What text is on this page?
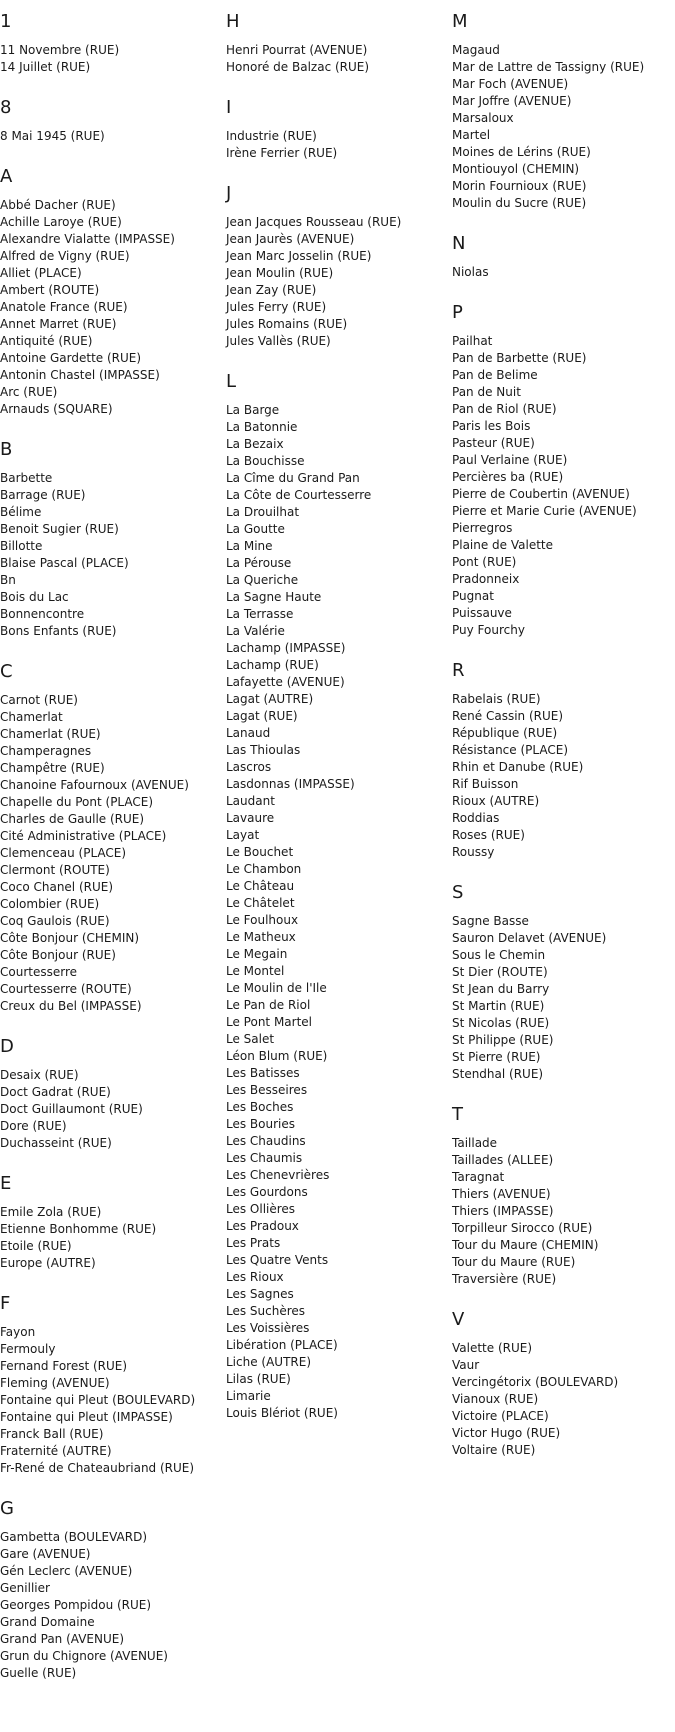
1
11 Novembre (RUE)
14 Juillet (RUE)
8
8 Mai 1945 (RUE)
A
Abbé Dacher (RUE)
Achille Laroye (RUE)
Alexandre Vialatte (IMPASSE)
Alfred de Vigny (RUE)
Alliet (PLACE)
Ambert (ROUTE)
Anatole France (RUE)
Annet Marret (RUE)
Antiquité (RUE)
Antoine Gardette (RUE)
Antonin Chastel (IMPASSE)
Arc (RUE)
Arnauds (SQUARE)
B
Barbette
Barrage (RUE)
Bélime
Benoit Sugier (RUE)
Billotte
Blaise Pascal (PLACE)
Bn
Bois du Lac
Bonnencontre
Bons Enfants (RUE)
C
Carnot (RUE)
Chamerlat
Chamerlat (RUE)
Champeragnes
Champêtre (RUE)
Chanoine Fafournoux (AVENUE)
Chapelle du Pont (PLACE)
Charles de Gaulle (RUE)
Cité Administrative (PLACE)
Clemenceau (PLACE)
Clermont (ROUTE)
Coco Chanel (RUE)
Colombier (RUE)
Coq Gaulois (RUE)
Côte Bonjour (CHEMIN)
Côte Bonjour (RUE)
Courtesserre
Courtesserre (ROUTE)
Creux du Bel (IMPASSE)
D
Desaix (RUE)
Doct Gadrat (RUE)
Doct Guillaumont (RUE)
Dore (RUE)
Duchasseint (RUE)
E
Emile Zola (RUE)
Etienne Bonhomme (RUE)
Etoile (RUE)
Europe (AUTRE)
F
Fayon
Fermouly
Fernand Forest (RUE)
Fleming (AVENUE)
Fontaine qui Pleut (BOULEVARD)
Fontaine qui Pleut (IMPASSE)
Franck Ball (RUE)
Fraternité (AUTRE)
Fr-René de Chateaubriand (RUE)
G
Gambetta (BOULEVARD)
Gare (AVENUE)
Gén Leclerc (AVENUE)
Genillier
Georges Pompidou (RUE)
Grand Domaine
Grand Pan (AVENUE)
Grun du Chignore (AVENUE)
Guelle (RUE)
H
Henri Pourrat (AVENUE)
Honoré de Balzac (RUE)
I
Industrie (RUE)
Irène Ferrier (RUE)
J
Jean Jacques Rousseau (RUE)
Jean Jaurès (AVENUE)
Jean Marc Josselin (RUE)
Jean Moulin (RUE)
Jean Zay (RUE)
Jules Ferry (RUE)
Jules Romains (RUE)
Jules Vallès (RUE)
L
La Barge
La Batonnie
La Bezaix
La Bouchisse
La Cîme du Grand Pan
La Côte de Courtesserre
La Drouilhat
La Goutte
La Mine
La Pérouse
La Queriche
La Sagne Haute
La Terrasse
La Valérie
Lachamp (IMPASSE)
Lachamp (RUE)
Lafayette (AVENUE)
Lagat (AUTRE)
Lagat (RUE)
Lanaud
Las Thioulas
Lascros
Lasdonnas (IMPASSE)
Laudant
Lavaure
Layat
Le Bouchet
Le Chambon
Le Château
Le Châtelet
Le Foulhoux
Le Matheux
Le Megain
Le Montel
Le Moulin de l'Ile
Le Pan de Riol
Le Pont Martel
Le Salet
Léon Blum (RUE)
Les Batisses
Les Besseires
Les Boches
Les Bouries
Les Chaudins
Les Chaumis
Les Chenevrières
Les Gourdons
Les Ollières
Les Pradoux
Les Prats
Les Quatre Vents
Les Rioux
Les Sagnes
Les Suchères
Les Voissières
Libération (PLACE)
Liche (AUTRE)
Lilas (RUE)
Limarie
Louis Blériot (RUE)
M
Magaud
Mar de Lattre de Tassigny (RUE)
Mar Foch (AVENUE)
Mar Joffre (AVENUE)
Marsaloux
Martel
Moines de Lérins (RUE)
Montiouyol (CHEMIN)
Morin Fournioux (RUE)
Moulin du Sucre (RUE)
N
Niolas
P
Pailhat
Pan de Barbette (RUE)
Pan de Belime
Pan de Nuit
Pan de Riol (RUE)
Paris les Bois
Pasteur (RUE)
Paul Verlaine (RUE)
Percières ba (RUE)
Pierre de Coubertin (AVENUE)
Pierre et Marie Curie (AVENUE)
Pierregros
Plaine de Valette
Pont (RUE)
Pradonneix
Pugnat
Puissauve
Puy Fourchy
R
Rabelais (RUE)
René Cassin (RUE)
République (RUE)
Résistance (PLACE)
Rhin et Danube (RUE)
Rif Buisson
Rioux (AUTRE)
Roddias
Roses (RUE)
Roussy
S
Sagne Basse
Sauron Delavet (AVENUE)
Sous le Chemin
St Dier (ROUTE)
St Jean du Barry
St Martin (RUE)
St Nicolas (RUE)
St Philippe (RUE)
St Pierre (RUE)
Stendhal (RUE)
T
Taillade
Taillades (ALLEE)
Taragnat
Thiers (AVENUE)
Thiers (IMPASSE)
Torpilleur Sirocco (RUE)
Tour du Maure (CHEMIN)
Tour du Maure (RUE)
Traversière (RUE)
V
Valette (RUE)
Vaur
Vercingétorix (BOULEVARD)
Vianoux (RUE)
Victoire (PLACE)
Victor Hugo (RUE)
Voltaire (RUE)
